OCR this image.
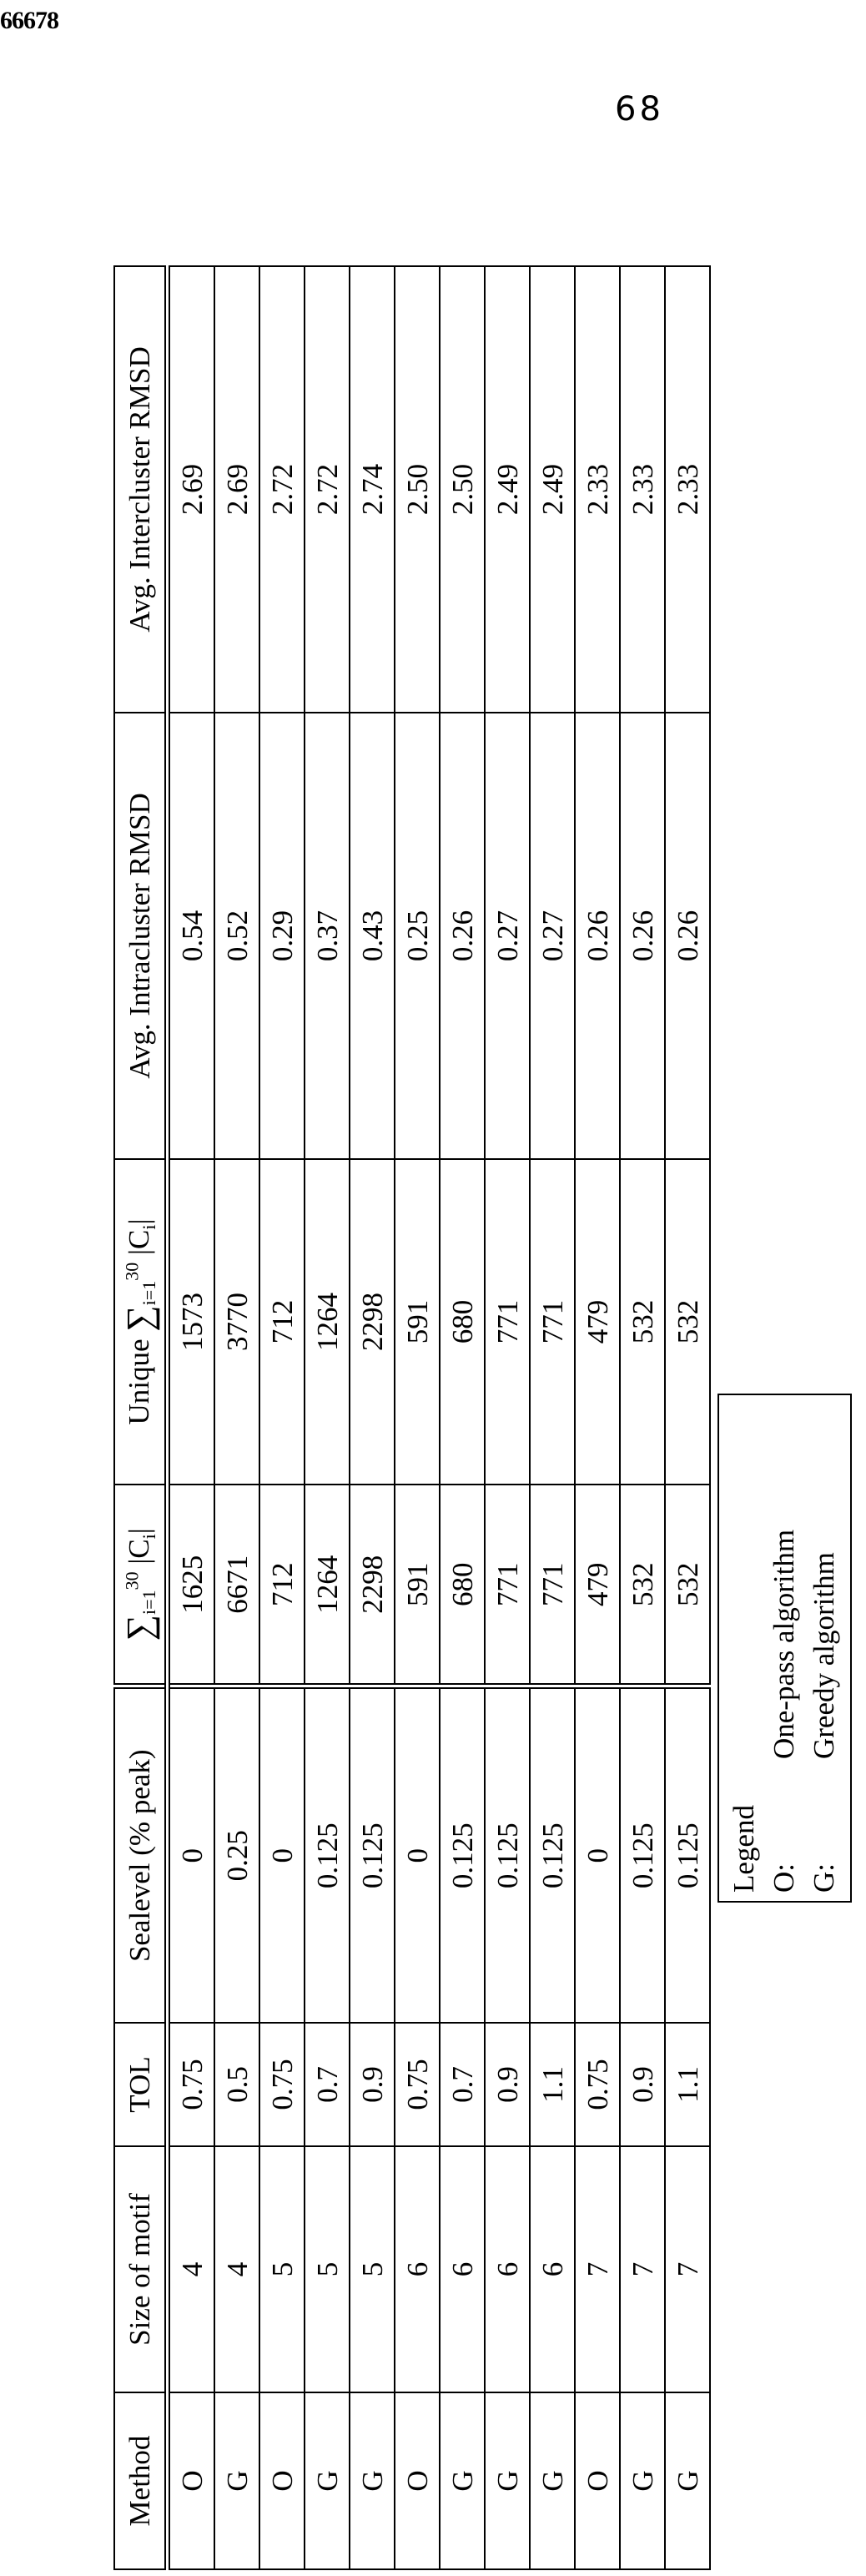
66678
68
Method	Size of motif	TOL	Sealevel (% peak)	∑i=130 |Ci|	Unique ∑i=130 |Ci|	Avg. Intracluster RMSD	Avg. Intercluster RMSD
O	4	0.75	0	1625	1573	0.54	2.69
G	4	0.5	0.25	6671	3770	0.52	2.69
O	5	0.75	0	712	712	0.29	2.72
G	5	0.7	0.125	1264	1264	0.37	2.72
G	5	0.9	0.125	2298	2298	0.43	2.74
O	6	0.75	0	591	591	0.25	2.50
G	6	0.7	0.125	680	680	0.26	2.50
G	6	0.9	0.125	771	771	0.27	2.49
G	6	1.1	0.125	771	771	0.27	2.49
O	7	0.75	0	479	479	0.26	2.33
G	7	0.9	0.125	532	532	0.26	2.33
G	7	1.1	0.125	532	532	0.26	2.33
Legend O:
One-pass algorithm
G:
Greedy algorithm
